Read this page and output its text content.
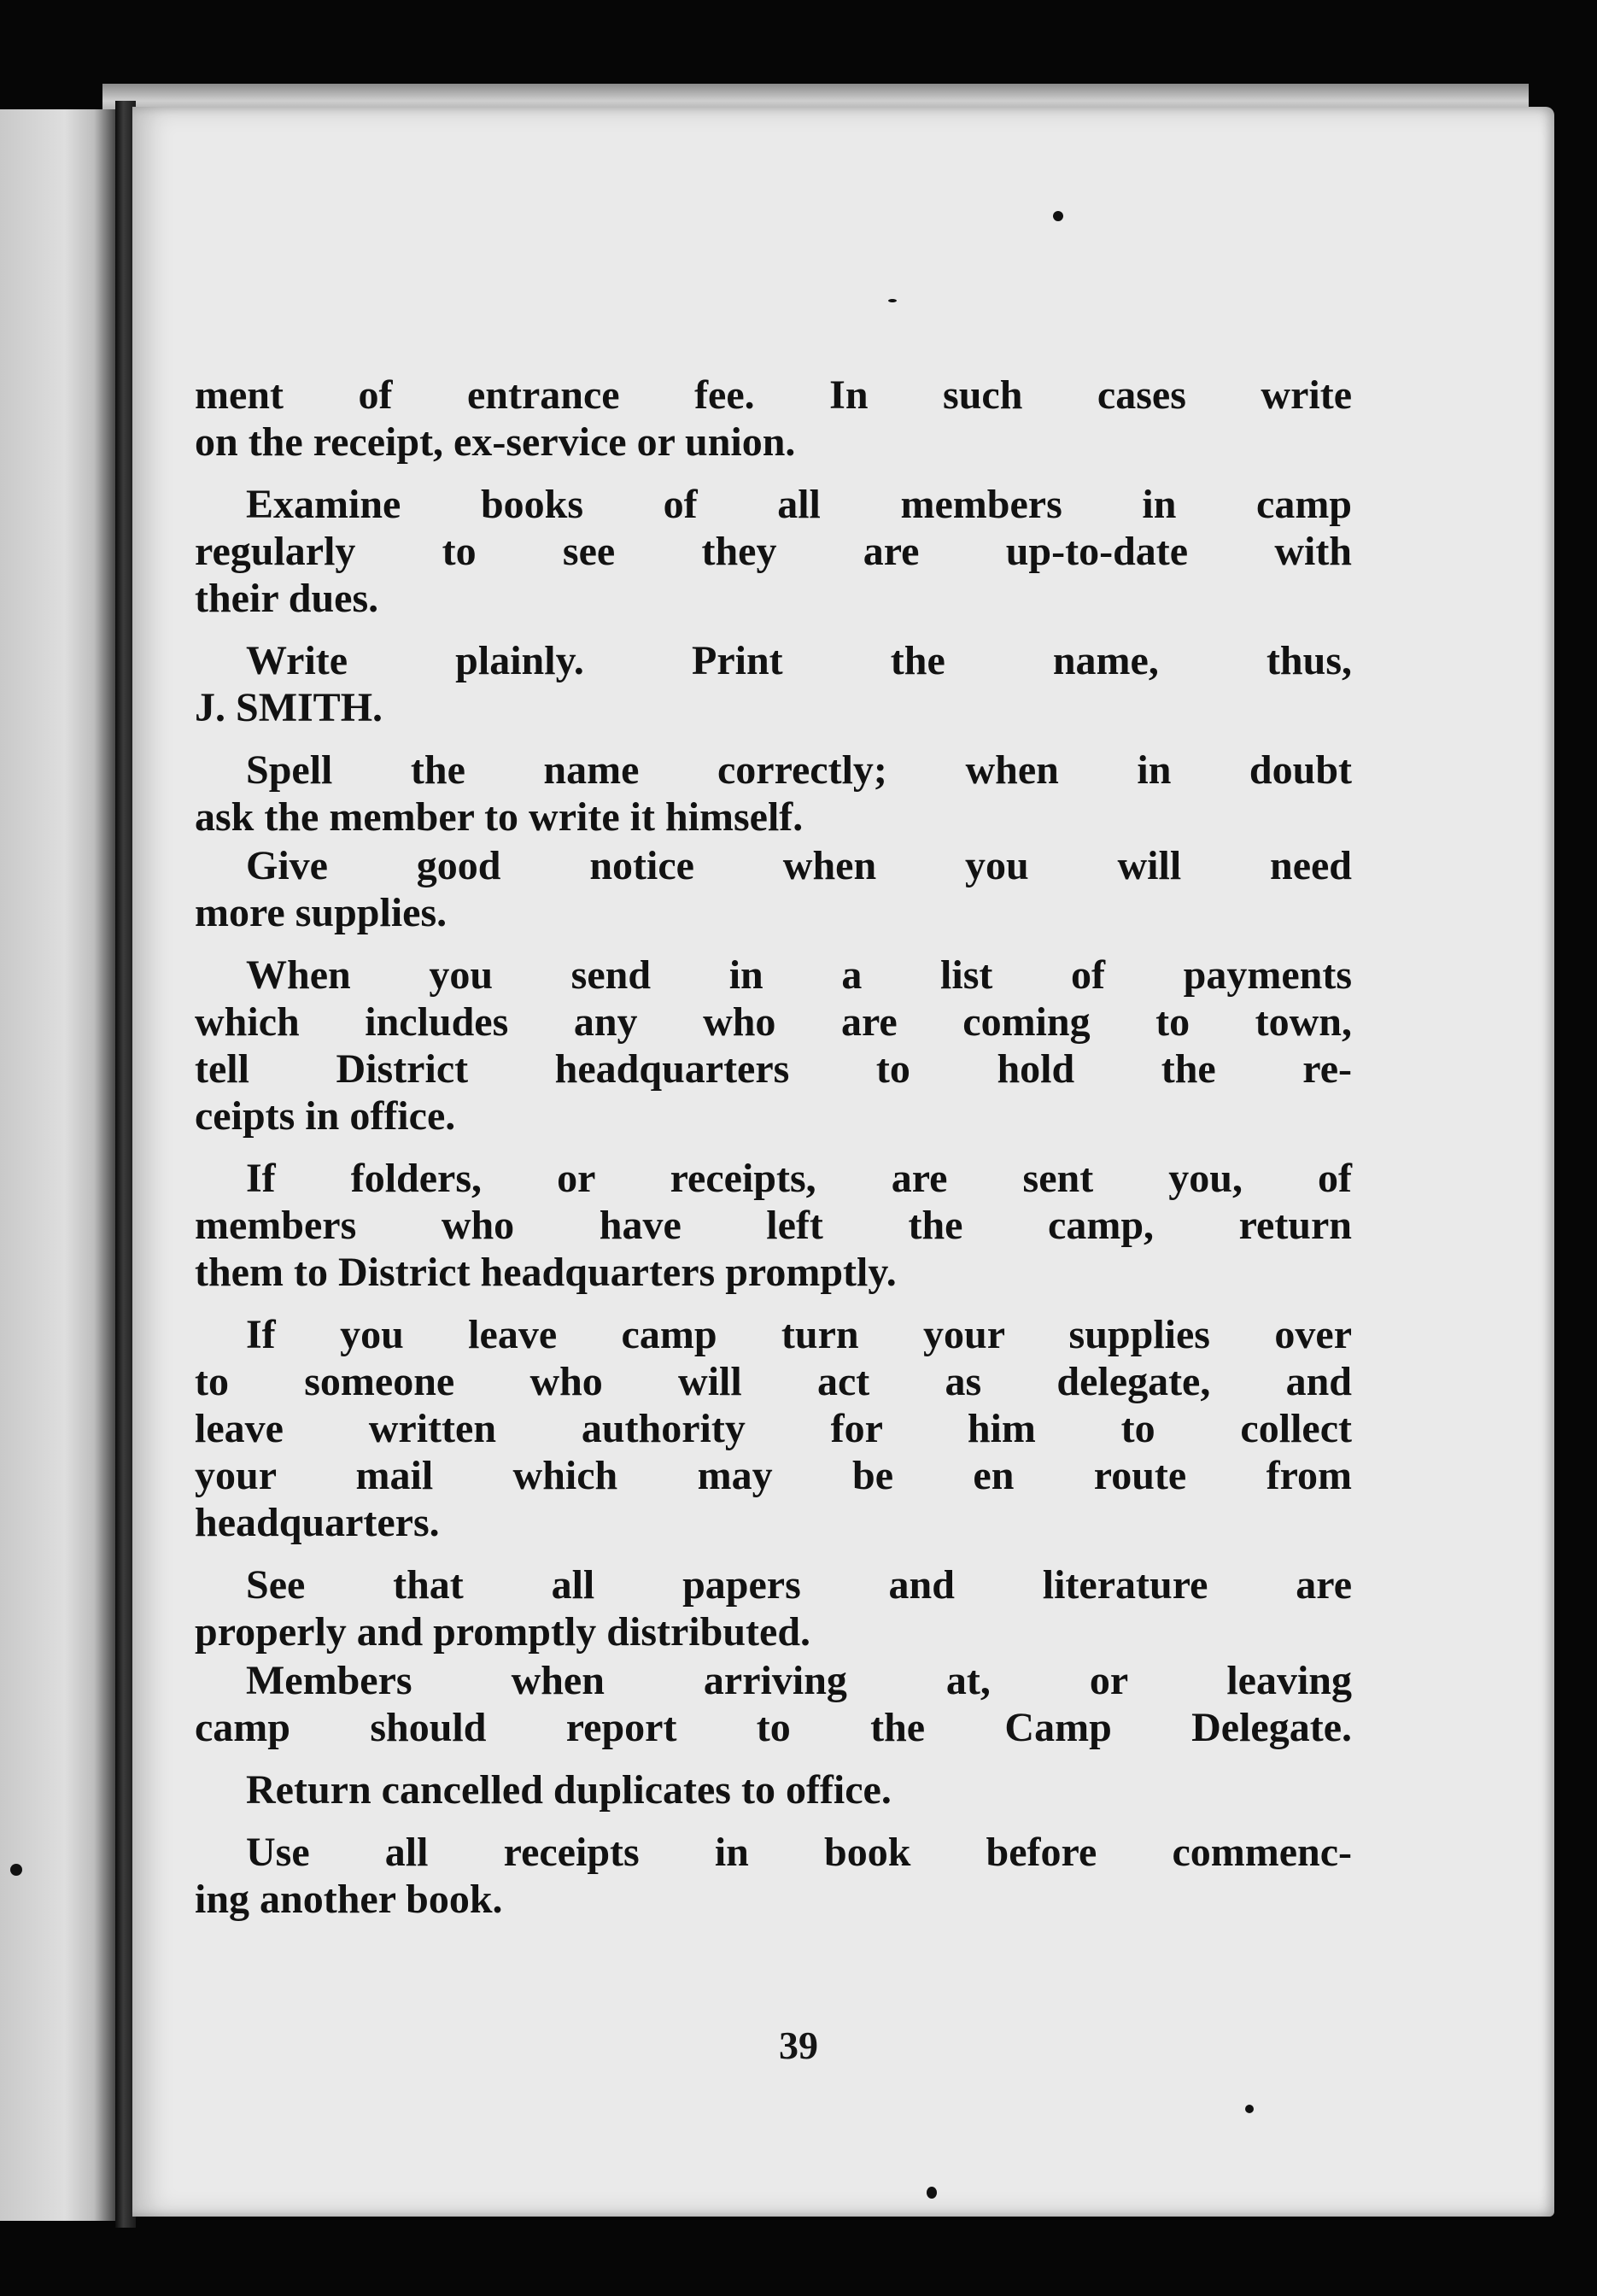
ment of entrance fee. In such cases write
on the receipt, ex-service or union.

Examine books of all members in camp
regularly to see they are up-to-date with
their dues.

Write plainly. Print the name, thus,
J. SMITH.

Spell the name correctly; when in doubt
ask the member to write it himself.

Give good notice when you will need
more supplies.

When you send in a list of payments
which includes any who are coming to town,
tell District headquarters to hold the re-
ceipts in office.

If folders, or receipts, are sent you, of
members who have left the camp, return
them to District headquarters promptly.

If you leave camp turn your supplies over
to someone who will act as delegate, and
leave written authority for him to collect
your mail which may be en route from
headquarters.

See that all papers and literature are
properly and promptly distributed.

Members when arriving at, or leaving
camp should report to the Camp Delegate.

Return cancelled duplicates to office.

Use all receipts in book before commenc-
ing another book.

39
